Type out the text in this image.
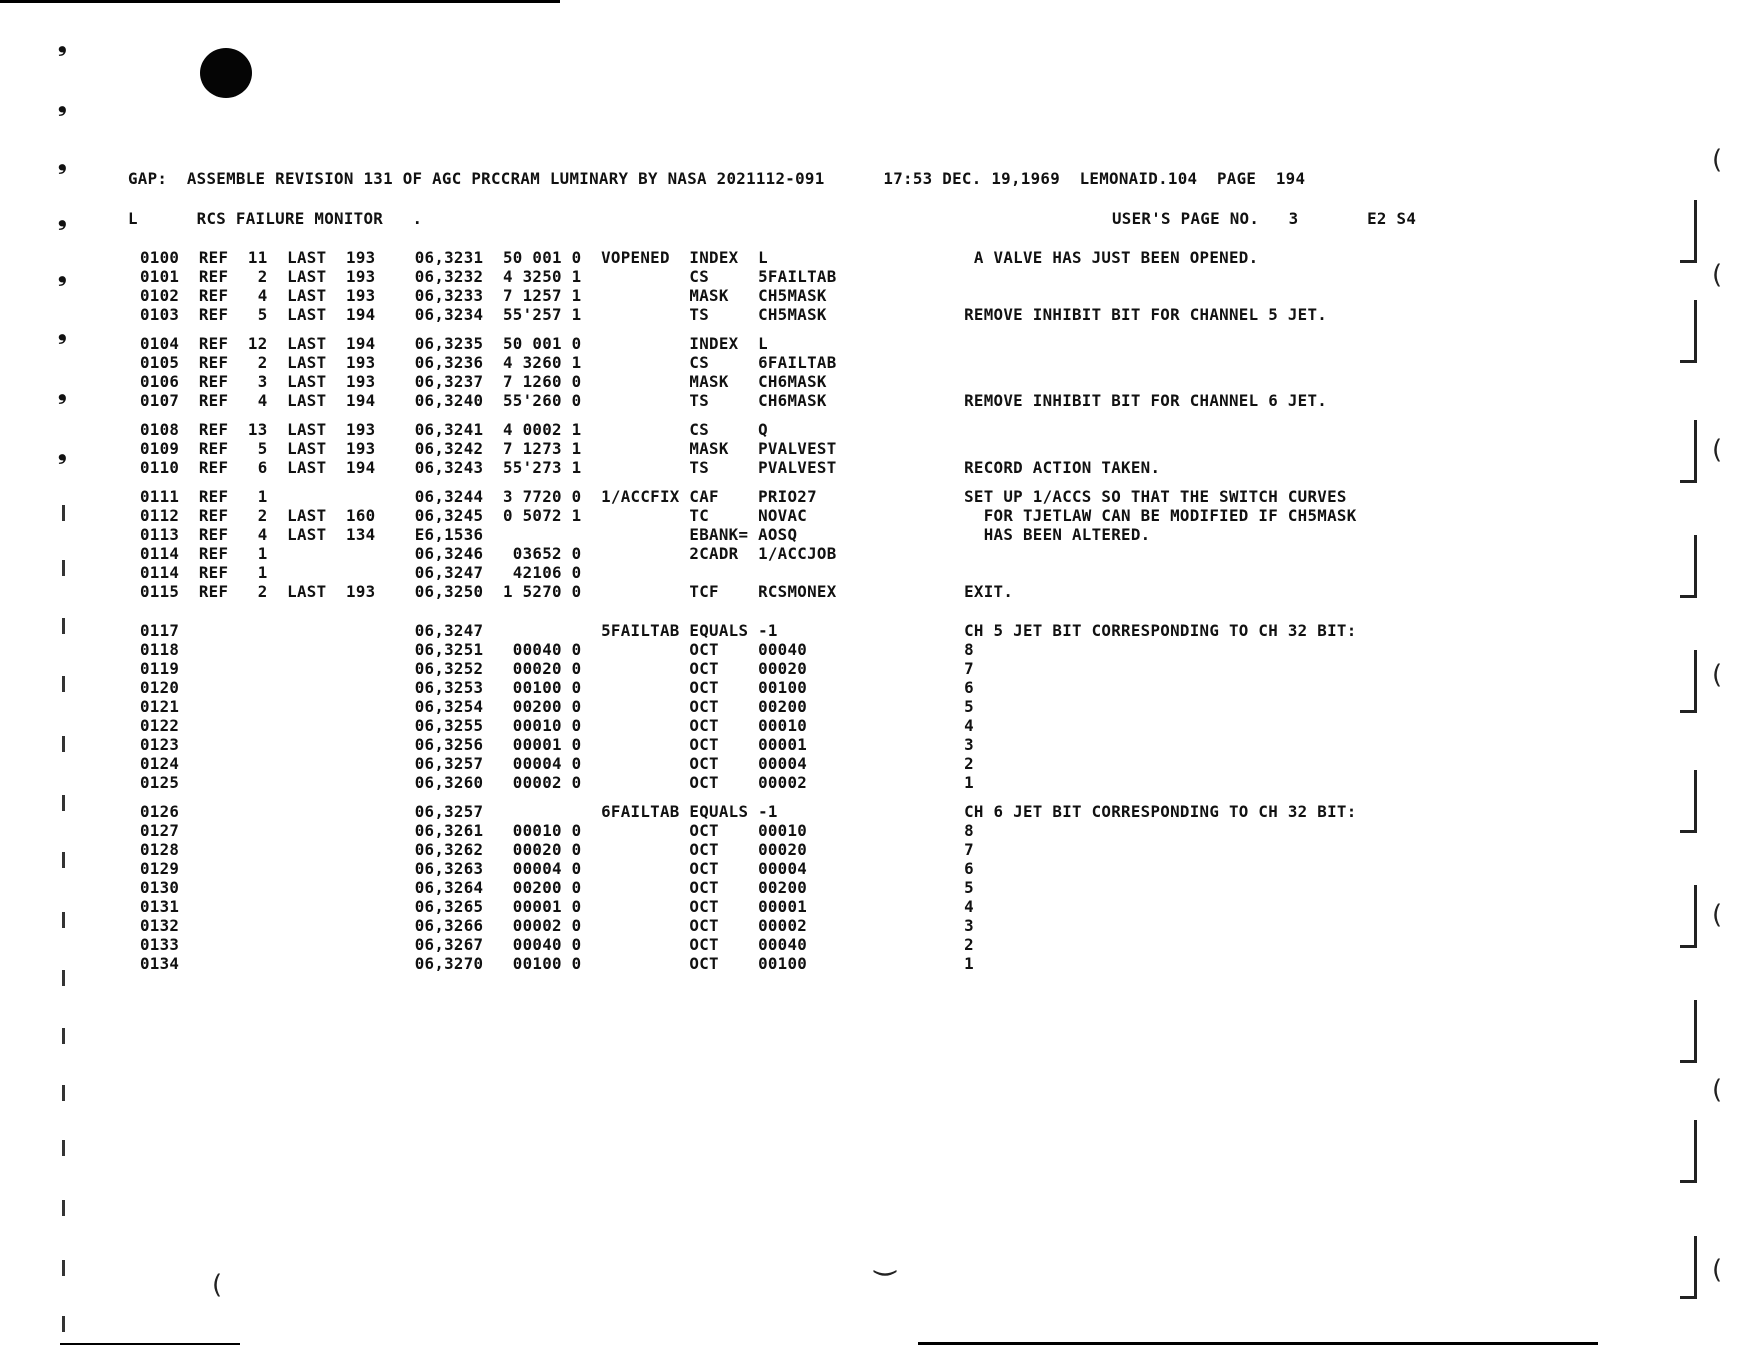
❟
❟
❟
❟
❟
❟
❟
❟
(
(
(
(
(
(
(
)
(
GAP:  ASSEMBLE REVISION 131 OF AGC PRCCRAM LUMINARY BY NASA 2021112-091      17:53 DEC. 19,1969  LEMONAID.104  PAGE  194
L      RCS FAILURE MONITOR   .	USER'S PAGE NO.   3       E2 S4
0100  REF  11  LAST  193    06,3231  50 001 0  VOPENED  INDEX  L                     A VALVE HAS JUST BEEN OPENED.
0101  REF   2  LAST  193    06,3232  4 3250 1           CS     5FAILTAB
0102  REF   4  LAST  193    06,3233  7 1257 1           MASK   CH5MASK
0103  REF   5  LAST  194    06,3234  55'257 1           TS     CH5MASK              REMOVE INHIBIT BIT FOR CHANNEL 5 JET.
0104  REF  12  LAST  194    06,3235  50 001 0           INDEX  L
0105  REF   2  LAST  193    06,3236  4 3260 1           CS     6FAILTAB
0106  REF   3  LAST  193    06,3237  7 1260 0           MASK   CH6MASK
0107  REF   4  LAST  194    06,3240  55'260 0           TS     CH6MASK              REMOVE INHIBIT BIT FOR CHANNEL 6 JET.
0108  REF  13  LAST  193    06,3241  4 0002 1           CS     Q
0109  REF   5  LAST  193    06,3242  7 1273 1           MASK   PVALVEST
0110  REF   6  LAST  194    06,3243  55'273 1           TS     PVALVEST             RECORD ACTION TAKEN.
0111  REF   1               06,3244  3 7720 0  1/ACCFIX CAF    PRIO27               SET UP 1/ACCS SO THAT THE SWITCH CURVES
0112  REF   2  LAST  160    06,3245  0 5072 1           TC     NOVAC                  FOR TJETLAW CAN BE MODIFIED IF CH5MASK
0113  REF   4  LAST  134    E6,1536                     EBANK= AOSQ                   HAS BEEN ALTERED.
0114  REF   1               06,3246   03652 0           2CADR  1/ACCJOB
0114  REF   1               06,3247   42106 0
0115  REF   2  LAST  193    06,3250  1 5270 0           TCF    RCSMONEX             EXIT.
0117                        06,3247            5FAILTAB EQUALS -1                   CH 5 JET BIT CORRESPONDING TO CH 32 BIT:
0118                        06,3251   00040 0           OCT    00040                8
0119                        06,3252   00020 0           OCT    00020                7
0120                        06,3253   00100 0           OCT    00100                6
0121                        06,3254   00200 0           OCT    00200                5
0122                        06,3255   00010 0           OCT    00010                4
0123                        06,3256   00001 0           OCT    00001                3
0124                        06,3257   00004 0           OCT    00004                2
0125                        06,3260   00002 0           OCT    00002                1
0126                        06,3257            6FAILTAB EQUALS -1                   CH 6 JET BIT CORRESPONDING TO CH 32 BIT:
0127                        06,3261   00010 0           OCT    00010                8
0128                        06,3262   00020 0           OCT    00020                7
0129                        06,3263   00004 0           OCT    00004                6
0130                        06,3264   00200 0           OCT    00200                5
0131                        06,3265   00001 0           OCT    00001                4
0132                        06,3266   00002 0           OCT    00002                3
0133                        06,3267   00040 0           OCT    00040                2
0134                        06,3270   00100 0           OCT    00100                1
